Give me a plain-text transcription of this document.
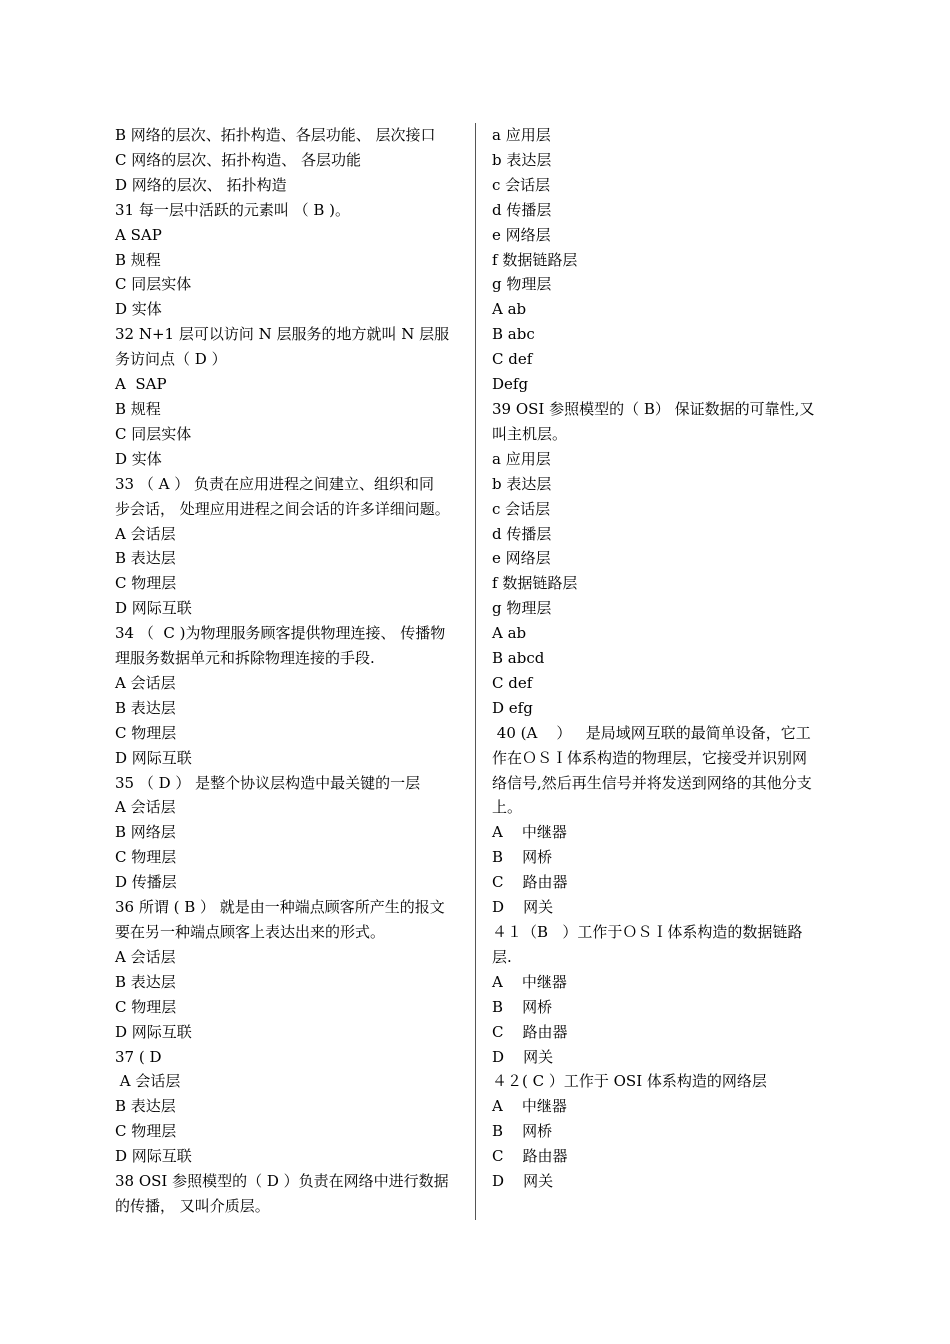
B 网络的层次、拓扑构造、各层功能、 层次接口

C 网络的层次、拓扑构造、 各层功能

D 网络的层次、 拓扑构造

31 每一层中活跃的元素叫 （ B )。

A SAP

B 规程

C 同层实体

D 实体

32 N+1 层可以访问 N 层服务的地方就叫 N 层服

务访问点（ D ）

A  SAP

B 规程

C 同层实体

D 实体

33 （ A ） 负责在应用进程之间建立、组织和同

步会话， 处理应用进程之间会话的许多详细问题。

A 会话层

B 表达层

C 物理层

D 网际互联

34 （  C )为物理服务顾客提供物理连接、 传播物

理服务数据单元和拆除物理连接的手段.

A 会话层

B 表达层

C 物理层

D 网际互联

35 （ D ） 是整个协议层构造中最关键的一层

A 会话层

B 网络层

C 物理层

D 传播层

36 所谓 ( B ） 就是由一种端点顾客所产生的报文

要在另一种端点顾客上表达出来的形式。

A 会话层

B 表达层

C 物理层

D 网际互联

37 ( D

A 会话层

B 表达层

C 物理层

D 网际互联

38 OSI 参照模型的（ D ）负责在网络中进行数据

的传播， 又叫介质层。

a 应用层

b 表达层

c 会话层

d 传播层

e 网络层

f 数据链路层

g 物理层

A ab

B abc

C def

Defg

39 OSI 参照模型的（ B） 保证数据的可靠性,又

叫主机层。

a 应用层

b 表达层

c 会话层

d 传播层

e 网络层

f 数据链路层

g 物理层

A ab

B abcd

C def

D efg

40 (A    ）   是局域网互联的最简单设备，它工

作在ＯＳＩ体系构造的物理层，它接受并识别网

络信号,然后再生信号并将发送到网络的其他分支

上。

A    中继器

B    网桥

C    路由器

D    网关

４１（B   ）工作于ＯＳＩ体系构造的数据链路

层.

A    中继器

B    网桥

C    路由器

D    网关

４２( C ）工作于 OSI 体系构造的网络层

A    中继器

B    网桥

C    路由器

D    网关
